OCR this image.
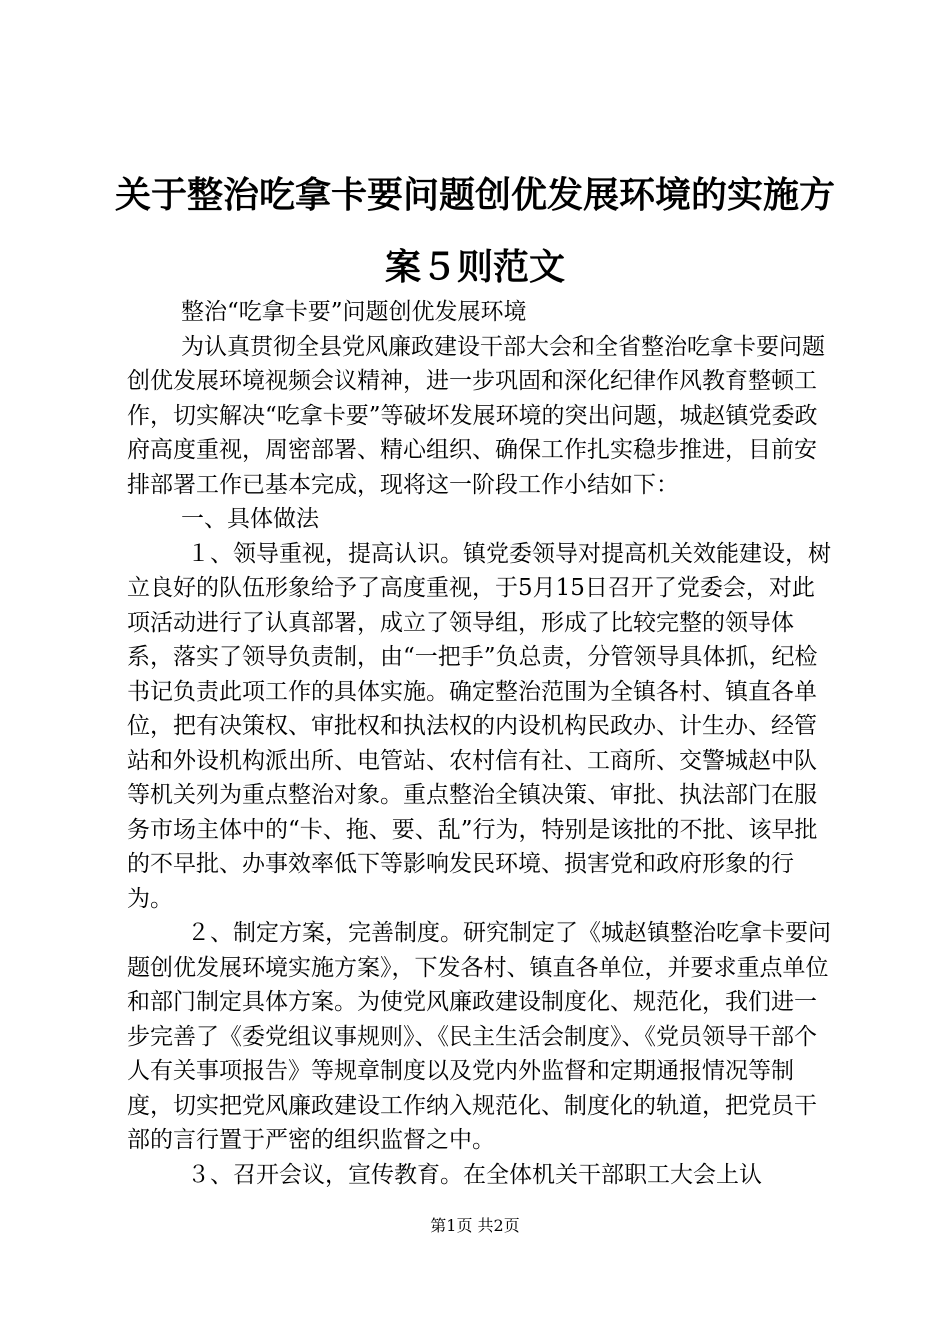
关于整治吃拿卡要问题创优发展环境的实施方
案５则范文

整治“吃拿卡要”问题创优发展环境

为认真贯彻全县党风廉政建设干部大会和全省整治吃拿卡要问题创优发展环境视频会议精神，进一步巩固和深化纪律作风教育整顿工作，切实解决“吃拿卡要”等破坏发展环境的突出问题，城赵镇党委政府高度重视，周密部署、精心组织、确保工作扎实稳步推进，目前安排部署工作已基本完成，现将这一阶段工作小结如下：

一、具体做法

１、领导重视，提高认识。镇党委领导对提高机关效能建设，树立良好的队伍形象给予了高度重视，于5月15日召开了党委会，对此项活动进行了认真部署，成立了领导组，形成了比较完整的领导体系，落实了领导负责制，由“一把手”负总责，分管领导具体抓，纪检书记负责此项工作的具体实施。确定整治范围为全镇各村、镇直各单位，把有决策权、审批权和执法权的内设机构民政办、计生办、经管站和外设机构派出所、电管站、农村信有社、工商所、交警城赵中队等机关列为重点整治对象。重点整治全镇决策、审批、执法部门在服务市场主体中的“卡、拖、要、乱”行为，特别是该批的不批、该早批的不早批、办事效率低下等影响发民环境、损害党和政府形象的行为。

２、制定方案，完善制度。研究制定了《城赵镇整治吃拿卡要问题创优发展环境实施方案》，下发各村、镇直各单位，并要求重点单位和部门制定具体方案。为使党风廉政建设制度化、规范化，我们进一步完善了《委党组议事规则》、《民主生活会制度》、《党员领导干部个人有关事项报告》等规章制度以及党内外监督和定期通报情况等制度，切实把党风廉政建设工作纳入规范化、制度化的轨道，把党员干部的言行置于严密的组织监督之中。

３、召开会议，宣传教育。在全体机关干部职工大会上认

第1页 共2页
